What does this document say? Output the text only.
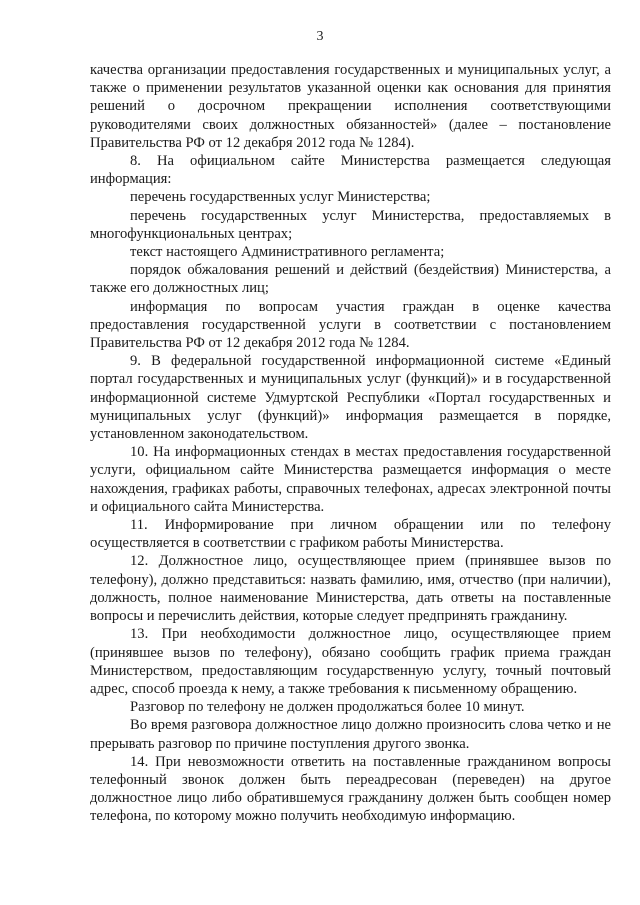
3

качества организации предоставления государственных и муниципальных услуг, а также о применении результатов указанной оценки как основания для принятия решений о досрочном прекращении исполнения соответствующими руководителями своих должностных обязанностей» (далее – постановление Правительства РФ от 12 декабря 2012 года № 1284).

8. На официальном сайте Министерства размещается следующая информация:

перечень государственных услуг Министерства;

перечень государственных услуг Министерства, предоставляемых в многофункциональных центрах;

текст настоящего Административного регламента;

порядок обжалования решений и действий (бездействия) Министерства, а также его должностных лиц;

информация по вопросам участия граждан в оценке качества предоставления государственной услуги в соответствии с постановлением Правительства РФ от 12 декабря 2012 года № 1284.

9. В федеральной государственной информационной системе «Единый портал государственных и муниципальных услуг (функций)» и в государственной информационной системе Удмуртской Республики «Портал государственных и муниципальных услуг (функций)» информация размещается в порядке, установленном законодательством.

10. На информационных стендах в местах предоставления государственной услуги, официальном сайте Министерства размещается информация о месте нахождения, графиках работы, справочных телефонах, адресах электронной почты и официального сайта Министерства.

11. Информирование при личном обращении или по телефону осуществляется в соответствии с графиком работы Министерства.

12. Должностное лицо, осуществляющее прием (принявшее вызов по телефону), должно представиться: назвать фамилию, имя, отчество (при наличии), должность, полное наименование Министерства, дать ответы на поставленные вопросы и перечислить действия, которые следует предпринять гражданину.

13. При необходимости должностное лицо, осуществляющее прием (принявшее вызов по телефону), обязано сообщить график приема граждан Министерством, предоставляющим государственную услугу, точный почтовый адрес, способ проезда к нему, а также требования к письменному обращению.

Разговор по телефону не должен продолжаться более 10 минут.

Во время разговора должностное лицо должно произносить слова четко и не прерывать разговор по причине поступления другого звонка.

14. При невозможности ответить на поставленные гражданином вопросы телефонный звонок должен быть переадресован (переведен) на другое должностное лицо либо обратившемуся гражданину должен быть сообщен номер телефона, по которому можно получить необходимую информацию.
